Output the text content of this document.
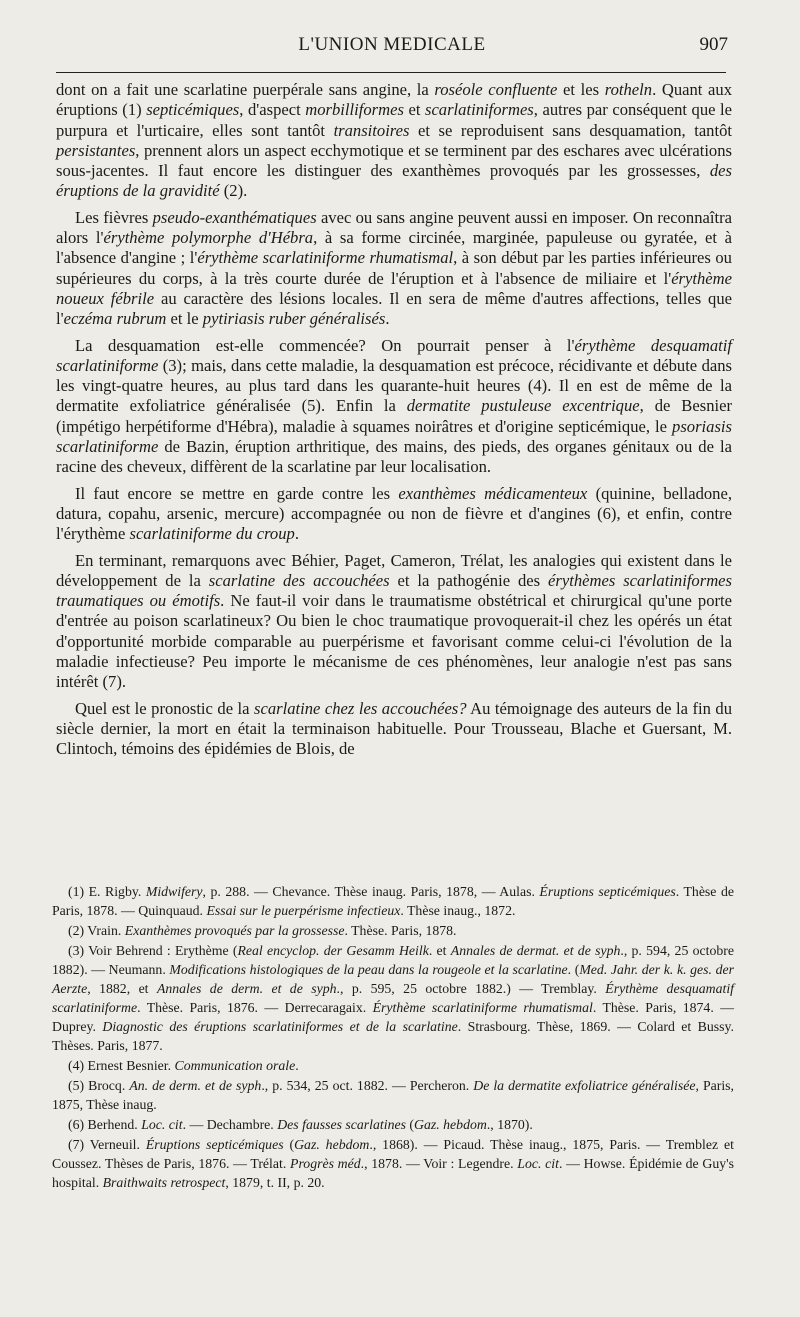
L'UNION MEDICALE	907

dont on a fait une scarlatine puerpérale sans angine, la roséole confluente et les rotheln. Quant aux éruptions (1) septicémiques, d'aspect morbilliformes et scarlatiniformes, autres par conséquent que le purpura et l'urticaire, elles sont tantôt transitoires et se reproduisent sans desquamation, tantôt persistantes, prennent alors un aspect ecchymotique et se terminent par des eschares avec ulcérations sous-jacentes. Il faut encore les distinguer des exanthèmes provoqués par les grossesses, des éruptions de la gravidité (2).

Les fièvres pseudo-exanthématiques avec ou sans angine peuvent aussi en imposer. On reconnaîtra alors l'érythème polymorphe d'Hébra, à sa forme circinée, marginée, papuleuse ou gyratée, et à l'absence d'angine ; l'érythème scarlatiniforme rhumatismal, à son début par les parties inférieures ou supérieures du corps, à la très courte durée de l'éruption et à l'absence de miliaire et l'érythème noueux fébrile au caractère des lésions locales. Il en sera de même d'autres affections, telles que l'eczéma rubrum et le pytiriasis ruber généralisés.

La desquamation est-elle commencée? On pourrait penser à l'érythème desquamatif scarlatiniforme (3); mais, dans cette maladie, la desquamation est précoce, récidivante et débute dans les vingt-quatre heures, au plus tard dans les quarante-huit heures (4). Il en est de même de la dermatite exfoliatrice généralisée (5). Enfin la dermatite pustuleuse excentrique, de Besnier (impétigo herpétiforme d'Hébra), maladie à squames noirâtres et d'origine septicémique, le psoriasis scarlatiniforme de Bazin, éruption arthritique, des mains, des pieds, des organes génitaux ou de la racine des cheveux, diffèrent de la scarlatine par leur localisation.

Il faut encore se mettre en garde contre les exanthèmes médicamenteux (quinine, belladone, datura, copahu, arsenic, mercure) accompagnée ou non de fièvre et d'angines (6), et enfin, contre l'érythème scarlatiniforme du croup.

En terminant, remarquons avec Béhier, Paget, Cameron, Trélat, les analogies qui existent dans le développement de la scarlatine des accouchées et la pathogénie des érythèmes scarlatiniformes traumatiques ou émotifs. Ne faut-il voir dans le traumatisme obstétrical et chirurgical qu'une porte d'entrée au poison scarlatineux? Ou bien le choc traumatique provoquerait-il chez les opérés un état d'opportunité morbide comparable au puerpérisme et favorisant comme celui-ci l'évolution de la maladie infectieuse? Peu importe le mécanisme de ces phénomènes, leur analogie n'est pas sans intérêt (7).

Quel est le pronostic de la scarlatine chez les accouchées? Au témoignage des auteurs de la fin du siècle dernier, la mort en était la terminaison habituelle. Pour Trousseau, Blache et Guersant, M. Clintoch, témoins des épidémies de Blois, de

(1) E. Rigby. Midwifery, p. 288. — Chevance. Thèse inaug. Paris, 1878, — Aulas. Éruptions septicémiques. Thèse de Paris, 1878. — Quinquaud. Essai sur le puerpérisme infectieux. Thèse inaug., 1872.

(2) Vrain. Exanthèmes provoqués par la grossesse. Thèse. Paris, 1878.

(3) Voir Behrend : Erythème (Real encyclop. der Gesamm Heilk. et Annales de dermat. et de syph., p. 594, 25 octobre 1882). — Neumann. Modifications histologiques de la peau dans la rougeole et la scarlatine. (Med. Jahr. der k. k. ges. der Aerzte, 1882, et Annales de derm. et de syph., p. 595, 25 octobre 1882.) — Tremblay. Érythème desquamatif scarlatiniforme. Thèse. Paris, 1876. — Derrecaragaix. Érythème scarlatiniforme rhumatismal. Thèse. Paris, 1874. — Duprey. Diagnostic des éruptions scarlatiniformes et de la scarlatine. Strasbourg. Thèse, 1869. — Colard et Bussy. Thèses. Paris, 1877.

(4) Ernest Besnier. Communication orale.

(5) Brocq. An. de derm. et de syph., p. 534, 25 oct. 1882. — Percheron. De la dermatite exfoliatrice généralisée, Paris, 1875, Thèse inaug.

(6) Berhend. Loc. cit. — Dechambre. Des fausses scarlatines (Gaz. hebdom., 1870).

(7) Verneuil. Éruptions septicémiques (Gaz. hebdom., 1868). — Picaud. Thèse inaug., 1875, Paris. — Tremblez et Coussez. Thèses de Paris, 1876. — Trélat. Progrès méd., 1878. — Voir : Legendre. Loc. cit. — Howse. Épidémie de Guy's hospital. Braithwaits retrospect, 1879, t. II, p. 20.
